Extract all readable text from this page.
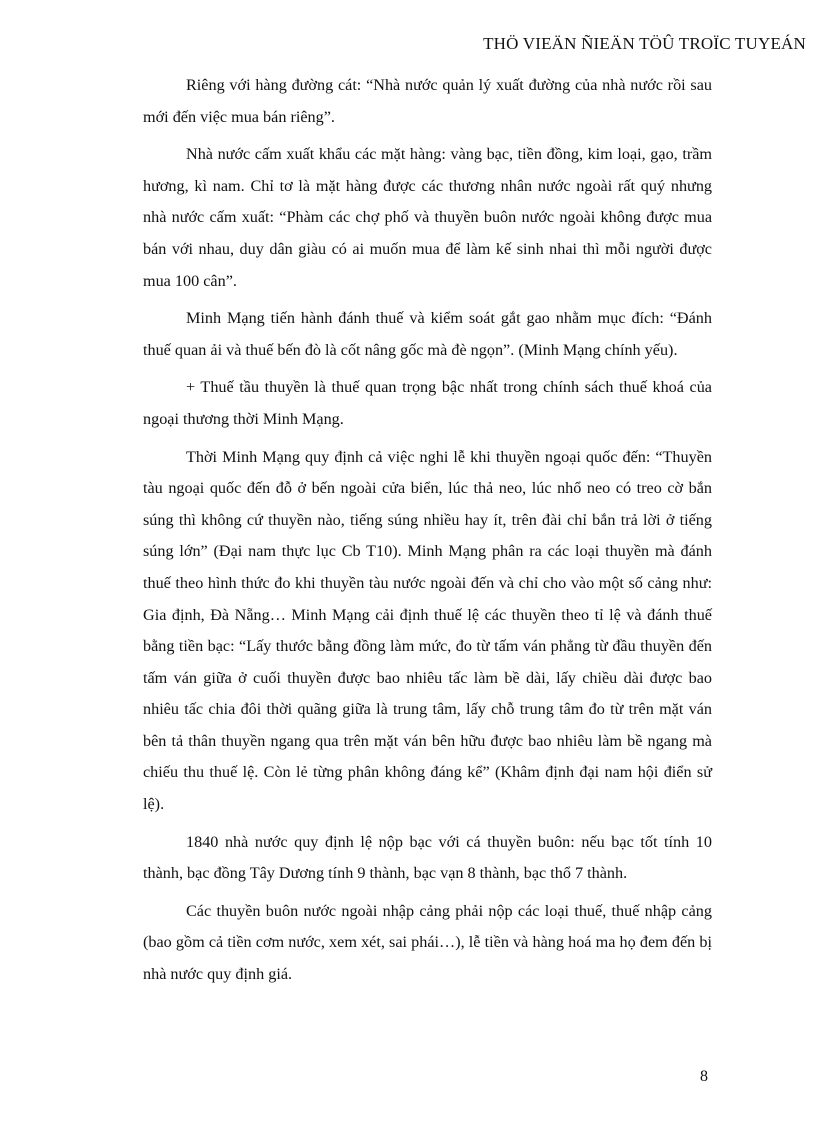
THÖ VIEÄN ÑIEÄN TÖÛ TROÏC TUYEÁN

Riêng với hàng đường cát: “Nhà nước quản lý xuất đường của nhà nước rồi sau mới đến việc mua bán riêng”.

Nhà nước cấm xuất khẩu các mặt hàng: vàng bạc, tiền đồng, kim loại, gạo, trầm hương, kì nam. Chỉ tơ là mặt hàng được các thương nhân nước ngoài rất quý nhưng nhà nước cấm xuất: “Phàm các chợ phố và thuyền buôn nước ngoài không được mua bán với nhau, duy dân giàu có ai muốn mua để làm kế sinh nhai thì mỗi người được mua 100 cân”.

Minh Mạng tiến hành đánh thuế và kiểm soát gắt gao nhằm mục đích: “Đánh thuế quan ải và thuế bến đò là cốt nâng gốc mà đè ngọn”. (Minh Mạng chính yếu).

+ Thuế tầu thuyền là thuế quan trọng bậc nhất trong chính sách thuế khoá của ngoại thương thời Minh Mạng.

Thời Minh Mạng quy định cả việc nghi lễ khi thuyền ngoại quốc đến: “Thuyền tàu ngoại quốc đến đỗ ở bến ngoài cửa biển, lúc thả neo, lúc nhổ neo có treo cờ bắn súng thì không cứ thuyền nào, tiếng súng nhiều hay ít, trên đài chỉ bắn trả lời ở tiếng súng lớn” (Đại nam thực lục Cb T10). Minh Mạng phân ra các loại thuyền mà đánh thuế theo hình thức đo khi thuyền tàu nước ngoài đến và chỉ cho vào một số cảng như: Gia định, Đà Nẵng… Minh Mạng cải định thuế lệ các thuyền theo tỉ lệ và đánh thuế bằng tiền bạc: “Lấy thước bằng đồng làm mức, đo từ tấm ván phẳng từ đầu thuyền đến tấm ván giữa ở cuối thuyền được bao nhiêu tấc làm bề dài, lấy chiều dài được bao nhiêu tấc chia đôi thời quãng giữa là trung tâm, lấy chỗ trung tâm đo từ trên mặt ván bên tả thân thuyền ngang qua trên mặt ván bên hữu được bao nhiêu làm bề ngang mà chiếu thu thuế lệ. Còn lẻ từng phân không đáng kể” (Khâm định đại nam hội điển sử lệ).

1840 nhà nước quy định lệ nộp bạc với cá thuyền buôn: nếu bạc tốt tính 10 thành, bạc đồng Tây Dương tính 9 thành, bạc vạn 8 thành, bạc thổ 7 thành.

Các thuyền buôn nước ngoài nhập cảng phải nộp các loại thuế, thuế nhập cảng (bao gồm cả tiền cơm nước, xem xét, sai phái…), lễ tiền và hàng hoá ma họ đem đến bị nhà nước quy định giá.

8
